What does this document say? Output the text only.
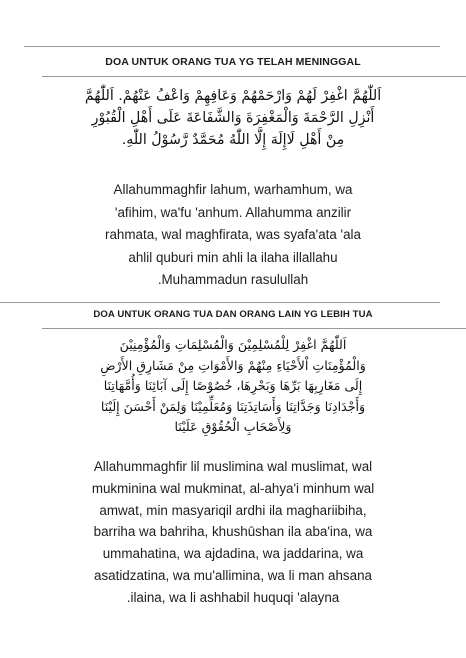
DOA UNTUK ORANG TUA YG TELAH MENINGGAL
اَللّٰهُمَّ اغْفِرْ لَهُمْ وَارْحَمْهُمْ وَعَافِهِمْ وَاعْفُ عَنْهُمْ. اَللّٰهُمَّ
أَنْزِلِ الرَّحْمَةَ وَالْمَغْفِرَةَ وَالشَّفَاعَةَ عَلَى أَهْلِ الْقُبُوْرِ
مِنْ أَهْلِ لَاإِلَهَ إِلَّا اللّٰهُ مُحَمَّدٌ رَّسُوْلُ اللّٰهِ.
Allahummaghfir lahum, warhamhum, wa
'afihim, wa'fu 'anhum. Allahumma anzilir
rahmata, wal maghfirata, was syafa'ata 'ala
ahlil quburi min ahli la ilaha illallahu
.Muhammadun rasulullah
DOA UNTUK ORANG TUA DAN ORANG LAIN YG LEBIH TUA
اَللّٰهُمَّ اغْفِرْ لِلْمُسْلِمِيْنَ وَالْمُسْلِمَاتِ وَالْمُؤْمِنِيْنَ
وَالْمُؤْمِنَاتِ اْلأَحْيَاءِ مِنْهُمْ وَالأَمْوَاتِ مِنْ مَشَارِقِ الأَرْضِ
إِلَى مَغَارِبِهَا بَرِّهَا وَبَحْرِهَا، خُصُوْصًا إِلَى آبَائِنَا وَأُمَّهَاتِنَا
وَأَجْدَادِنَا وَجَدَّاتِنَا وَأَسَاتِذَتِنَا وَمُعَلِّمِيْنَا وَلِمَنْ أَحْسَنَ إِلَيْنَا
وَلِأَصْحَابِ الْحُقُوْقِ عَلَيْنَا
Allahummaghfir lil muslimina wal muslimat, wal
mukminina wal mukminat, al-ahya'i minhum wal
amwat, min masyariqil ardhi ila maghariibiha,
barriha wa bahriha, khushūshan ila aba'ina, wa
ummahatina, wa ajdadina, wa jaddarina, wa
asatidzatina, wa mu'allimina, wa li man ahsana
.ilaina, wa li ashhabil huquqi 'alayna
